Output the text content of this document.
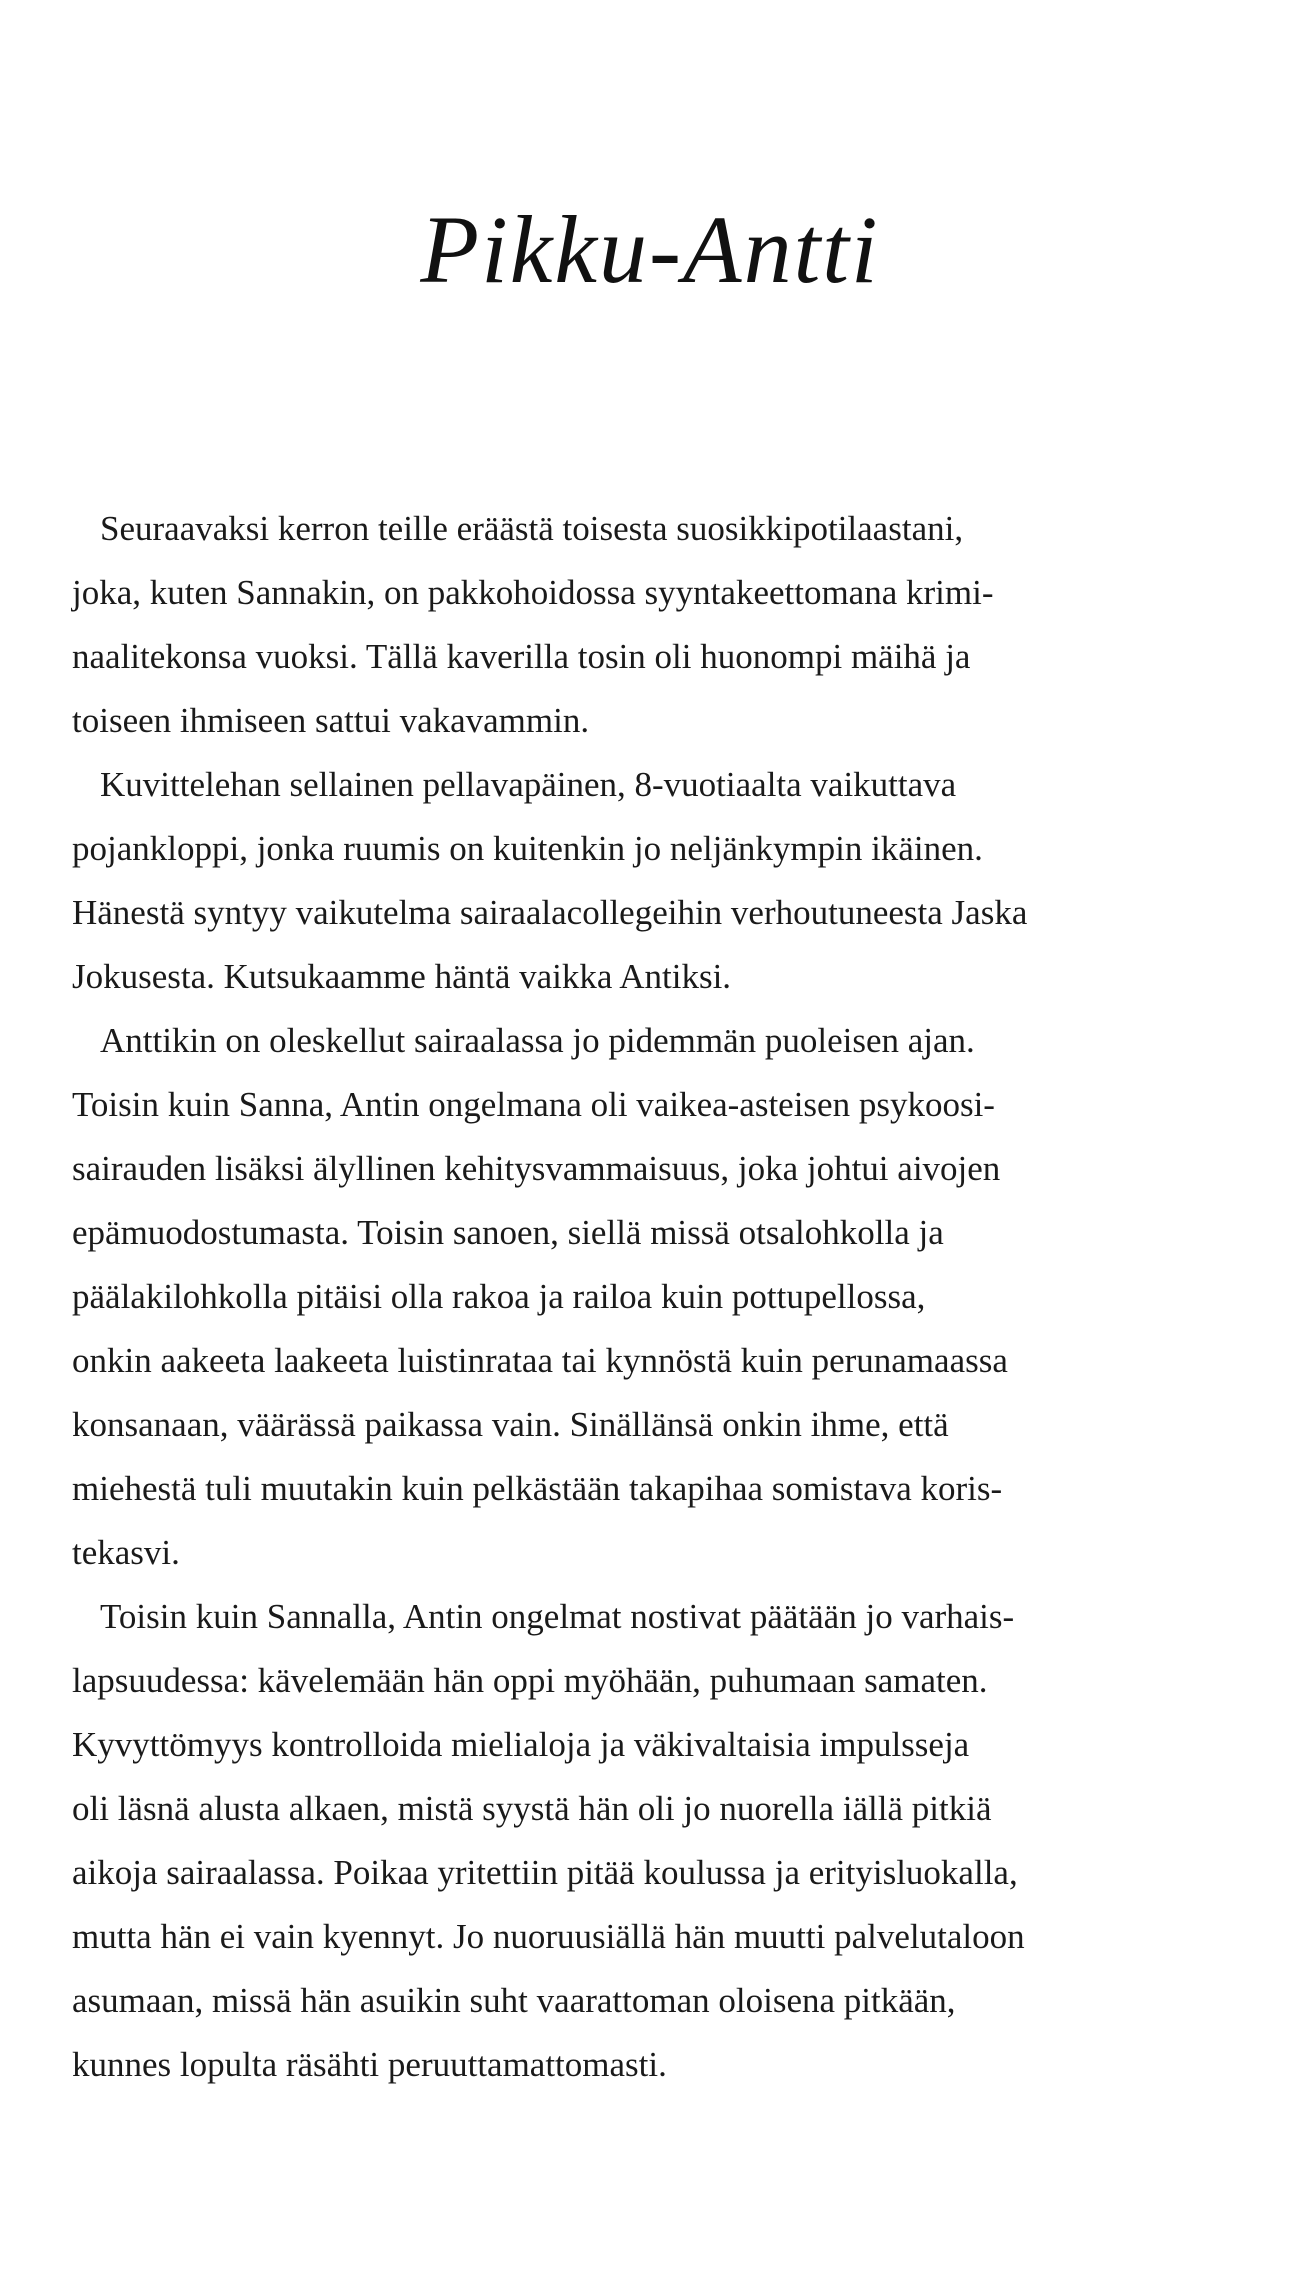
Pikku-Antti
Seuraavaksi kerron teille eräästä toisesta suosikkipotilaastani,
joka, kuten Sannakin, on pakkohoidossa syyntakeettomana krimi-
naalitekonsa vuoksi. Tällä kaverilla tosin oli huonompi mäihä ja
toiseen ihmiseen sattui vakavammin.
Kuvittelehan sellainen pellavapäinen, 8-vuotiaalta vaikuttava
pojankloppi, jonka ruumis on kuitenkin jo neljänkympin ikäinen.
Hänestä syntyy vaikutelma sairaalacollegeihin verhoutuneesta Jaska
Jokusesta. Kutsukaamme häntä vaikka Antiksi.
Anttikin on oleskellut sairaalassa jo pidemmän puoleisen ajan.
Toisin kuin Sanna, Antin ongelmana oli vaikea-asteisen psykoosi-
sairauden lisäksi älyllinen kehitysvammaisuus, joka johtui aivojen
epämuodostumasta. Toisin sanoen, siellä missä otsalohkolla ja
päälakilohkolla pitäisi olla rakoa ja railoa kuin pottupellossa,
onkin aakeeta laakeeta luistinrataa tai kynnöstä kuin perunamaassa
konsanaan, väärässä paikassa vain. Sinällänsä onkin ihme, että
miehestä tuli muutakin kuin pelkästään takapihaa somistava koris-
tekasvi.
Toisin kuin Sannalla, Antin ongelmat nostivat päätään jo varhais-
lapsuudessa: kävelemään hän oppi myöhään, puhumaan samaten.
Kyvyttömyys kontrolloida mielialoja ja väkivaltaisia impulsseja
oli läsnä alusta alkaen, mistä syystä hän oli jo nuorella iällä pitkiä
aikoja sairaalassa. Poikaa yritettiin pitää koulussa ja erityisluokalla,
mutta hän ei vain kyennyt. Jo nuoruusiällä hän muutti palvelutaloon
asumaan, missä hän asuikin suht vaarattoman oloisena pitkään,
kunnes lopulta räsähti peruuttamattomasti.
